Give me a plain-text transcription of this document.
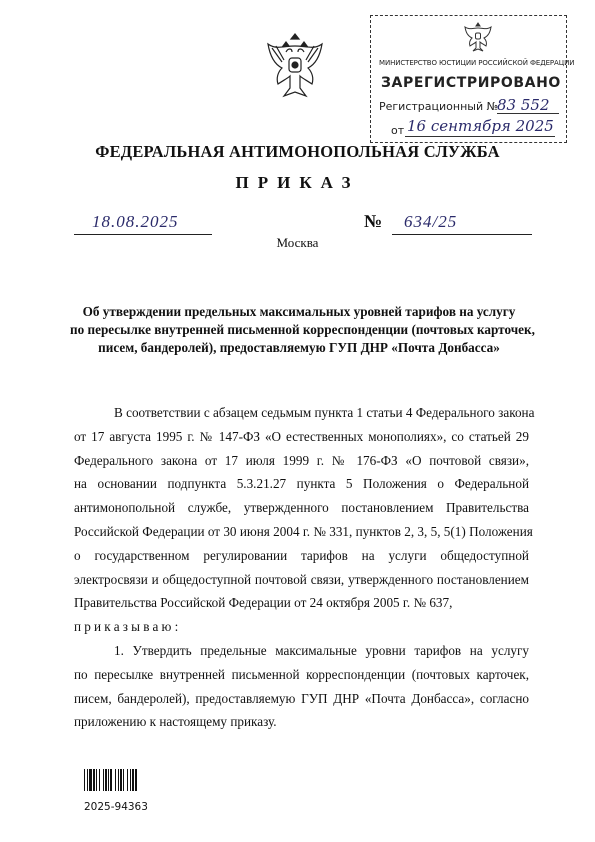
МИНИСТЕРСТВО ЮСТИЦИИ РОССИЙСКОЙ ФЕДЕРАЦИИ
ЗАРЕГИСТРИРОВАНО
Регистрационный №
83 552
от 16 сентября 2025
ФЕДЕРАЛЬНАЯ АНТИМОНОПОЛЬНАЯ СЛУЖБА
ПРИКАЗ
18.08.2025	№ 634/25
Москва
Об утверждении предельных максимальных уровней тарифов на услугу
по пересылке внутренней письменной корреспонденции (почтовых карточек,
писем, бандеролей), предоставляемую ГУП ДНР «Почта Донбасса»
В соответствии с абзацем седьмым пункта 1 статьи 4 Федерального закона
от 17 августа 1995 г. № 147-ФЗ «О естественных монополиях», со статьей 29
Федерального закона от 17 июля 1999 г. № 176-ФЗ «О почтовой связи»,
на основании подпункта 5.3.21.27 пункта 5 Положения о Федеральной
антимонопольной службе, утвержденного постановлением Правительства
Российской Федерации от 30 июня 2004 г. № 331, пунктов 2, 3, 5, 5(1) Положения
о государственном регулировании тарифов на услуги общедоступной
электросвязи и общедоступной почтовой связи, утвержденного постановлением
Правительства Российской Федерации от 24 октября 2005 г. № 637,
приказываю:
1. Утвердить предельные максимальные уровни тарифов на услугу
по пересылке внутренней письменной корреспонденции (почтовых карточек,
писем, бандеролей), предоставляемую ГУП ДНР «Почта Донбасса», согласно
приложению к настоящему приказу.
2025-94363
